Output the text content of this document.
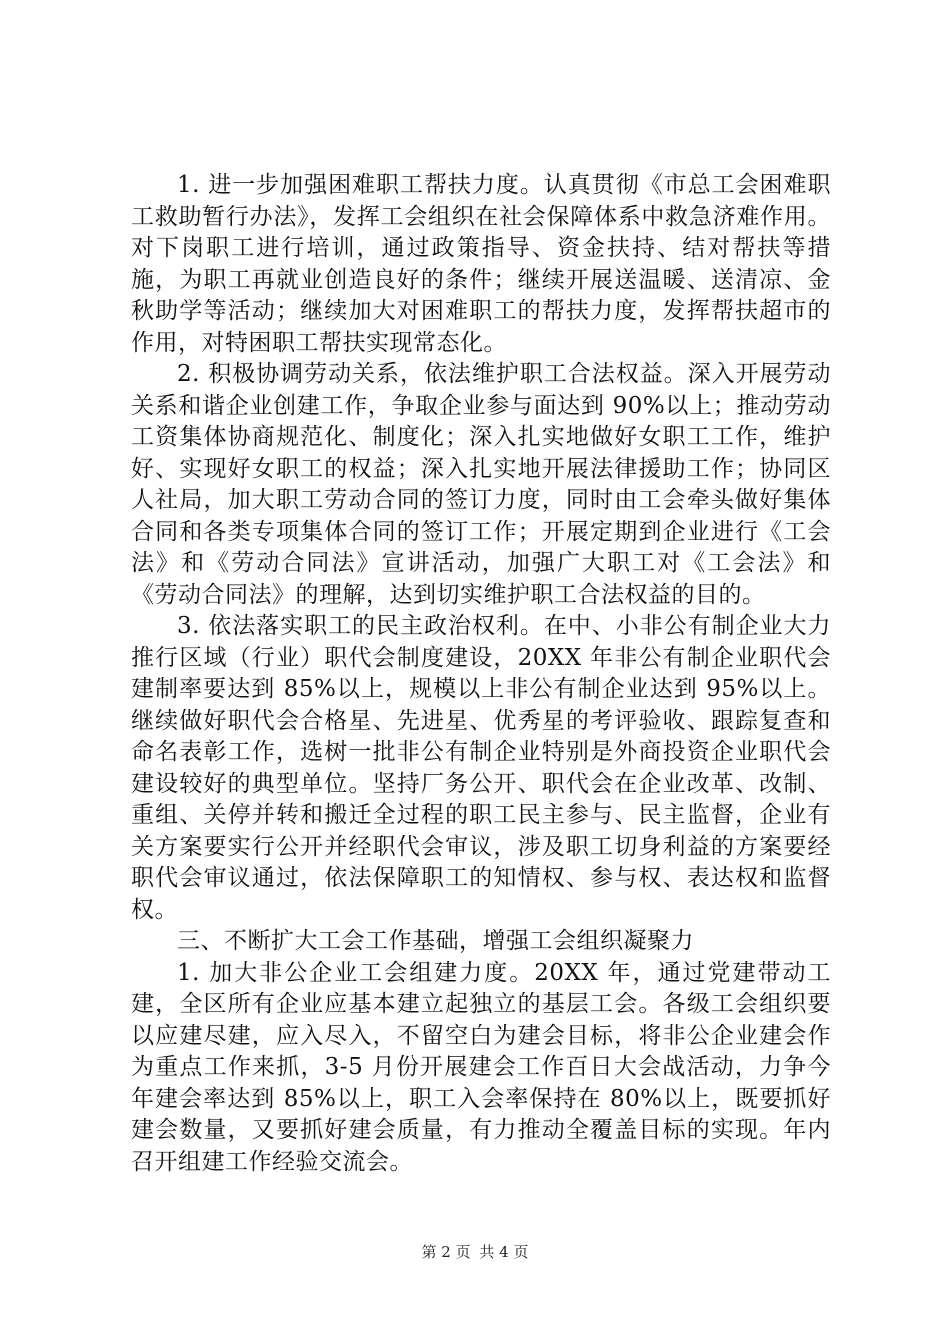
1. 进一步加强困难职工帮扶力度。认真贯彻《市总工会困难职工救助暂行办法》，发挥工会组织在社会保障体系中救急济难作用。对下岗职工进行培训，通过政策指导、资金扶持、结对帮扶等措施，为职工再就业创造良好的条件；继续开展送温暖、送清凉、金秋助学等活动；继续加大对困难职工的帮扶力度，发挥帮扶超市的作用，对特困职工帮扶实现常态化。

2. 积极协调劳动关系，依法维护职工合法权益。深入开展劳动关系和谐企业创建工作，争取企业参与面达到 90%以上；推动劳动工资集体协商规范化、制度化；深入扎实地做好女职工工作，维护好、实现好女职工的权益；深入扎实地开展法律援助工作；协同区人社局，加大职工劳动合同的签订力度，同时由工会牵头做好集体合同和各类专项集体合同的签订工作；开展定期到企业进行《工会法》和《劳动合同法》宣讲活动，加强广大职工对《工会法》和《劳动合同法》的理解，达到切实维护职工合法权益的目的。

3. 依法落实职工的民主政治权利。在中、小非公有制企业大力推行区域（行业）职代会制度建设，20XX 年非公有制企业职代会建制率要达到 85%以上，规模以上非公有制企业达到 95%以上。继续做好职代会合格星、先进星、优秀星的考评验收、跟踪复查和命名表彰工作，选树一批非公有制企业特别是外商投资企业职代会建设较好的典型单位。坚持厂务公开、职代会在企业改革、改制、重组、关停并转和搬迁全过程的职工民主参与、民主监督，企业有关方案要实行公开并经职代会审议，涉及职工切身利益的方案要经职代会审议通过，依法保障职工的知情权、参与权、表达权和监督权。

三、不断扩大工会工作基础，增强工会组织凝聚力

1. 加大非公企业工会组建力度。20XX 年，通过党建带动工建，全区所有企业应基本建立起独立的基层工会。各级工会组织要以应建尽建，应入尽入，不留空白为建会目标，将非公企业建会作为重点工作来抓，3-5 月份开展建会工作百日大会战活动，力争今年建会率达到 85%以上，职工入会率保持在 80%以上，既要抓好建会数量，又要抓好建会质量，有力推动全覆盖目标的实现。年内召开组建工作经验交流会。

第 2 页 共 4 页
